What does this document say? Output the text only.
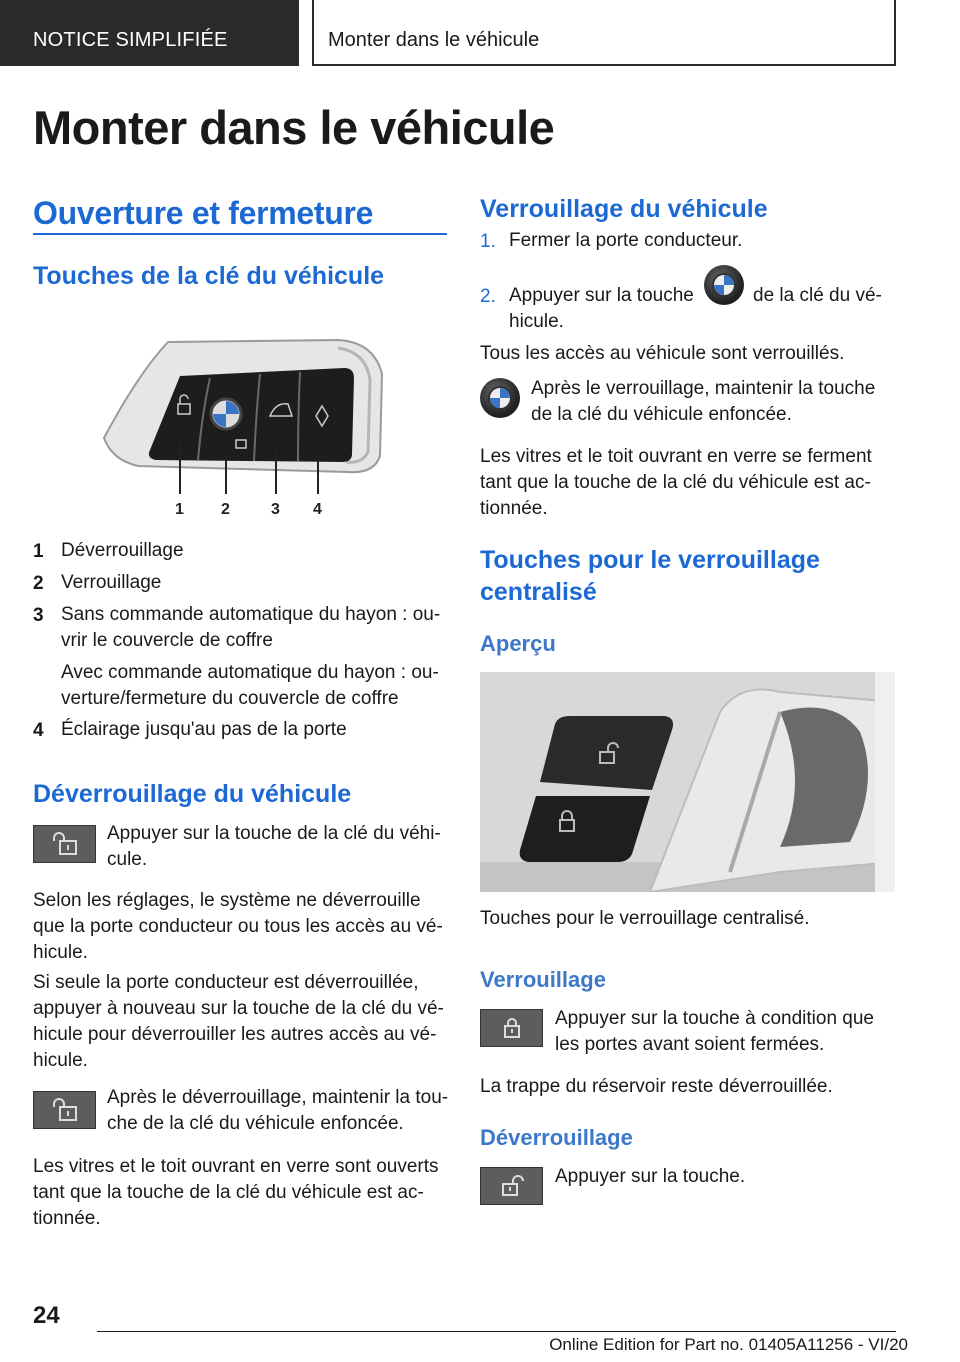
NOTICE SIMPLIFIÉE	Monter dans le véhicule
Monter dans le véhicule
Ouverture et fermeture
Touches de la clé du véhicule
1 2	3 4
1 Déverrouillage
2 Verrouillage
3 Sans commande automatique du hayon : ou-
vrir le couvercle de coffre
Avec commande automatique du hayon : ou-
verture/fermeture du couvercle de coffre
4 Éclairage jusqu'au pas de la porte
Déverrouillage du véhicule
Appuyer sur la touche de la clé du véhi-
cule.
Selon les réglages, le système ne déverrouille
que la porte conducteur ou tous les accès au vé-
hicule.
Si seule la porte conducteur est déverrouillée,
appuyer à nouveau sur la touche de la clé du vé-
hicule pour déverrouiller les autres accès au vé-
hicule.
Après le déverrouillage, maintenir la tou-
che de la clé du véhicule enfoncée.
Les vitres et le toit ouvrant en verre sont ouverts
tant que la touche de la clé du véhicule est ac-
tionnée.
Verrouillage du véhicule
1. Fermer la porte conducteur.
2. Appuyer sur la touche	de la clé du vé-
hicule.
Tous les accès au véhicule sont verrouillés.
Après le verrouillage, maintenir la touche
de la clé du véhicule enfoncée.
Les vitres et le toit ouvrant en verre se ferment
tant que la touche de la clé du véhicule est ac-
tionnée.
Touches pour le verrouillage
centralisé
Aperçu
Touches pour le verrouillage centralisé.
Verrouillage
Appuyer sur la touche à condition que
les portes avant soient fermées.
La trappe du réservoir reste déverrouillée.
Déverrouillage
Appuyer sur la touche.
24
Online Edition for Part no. 01405A11256 - VI/20
